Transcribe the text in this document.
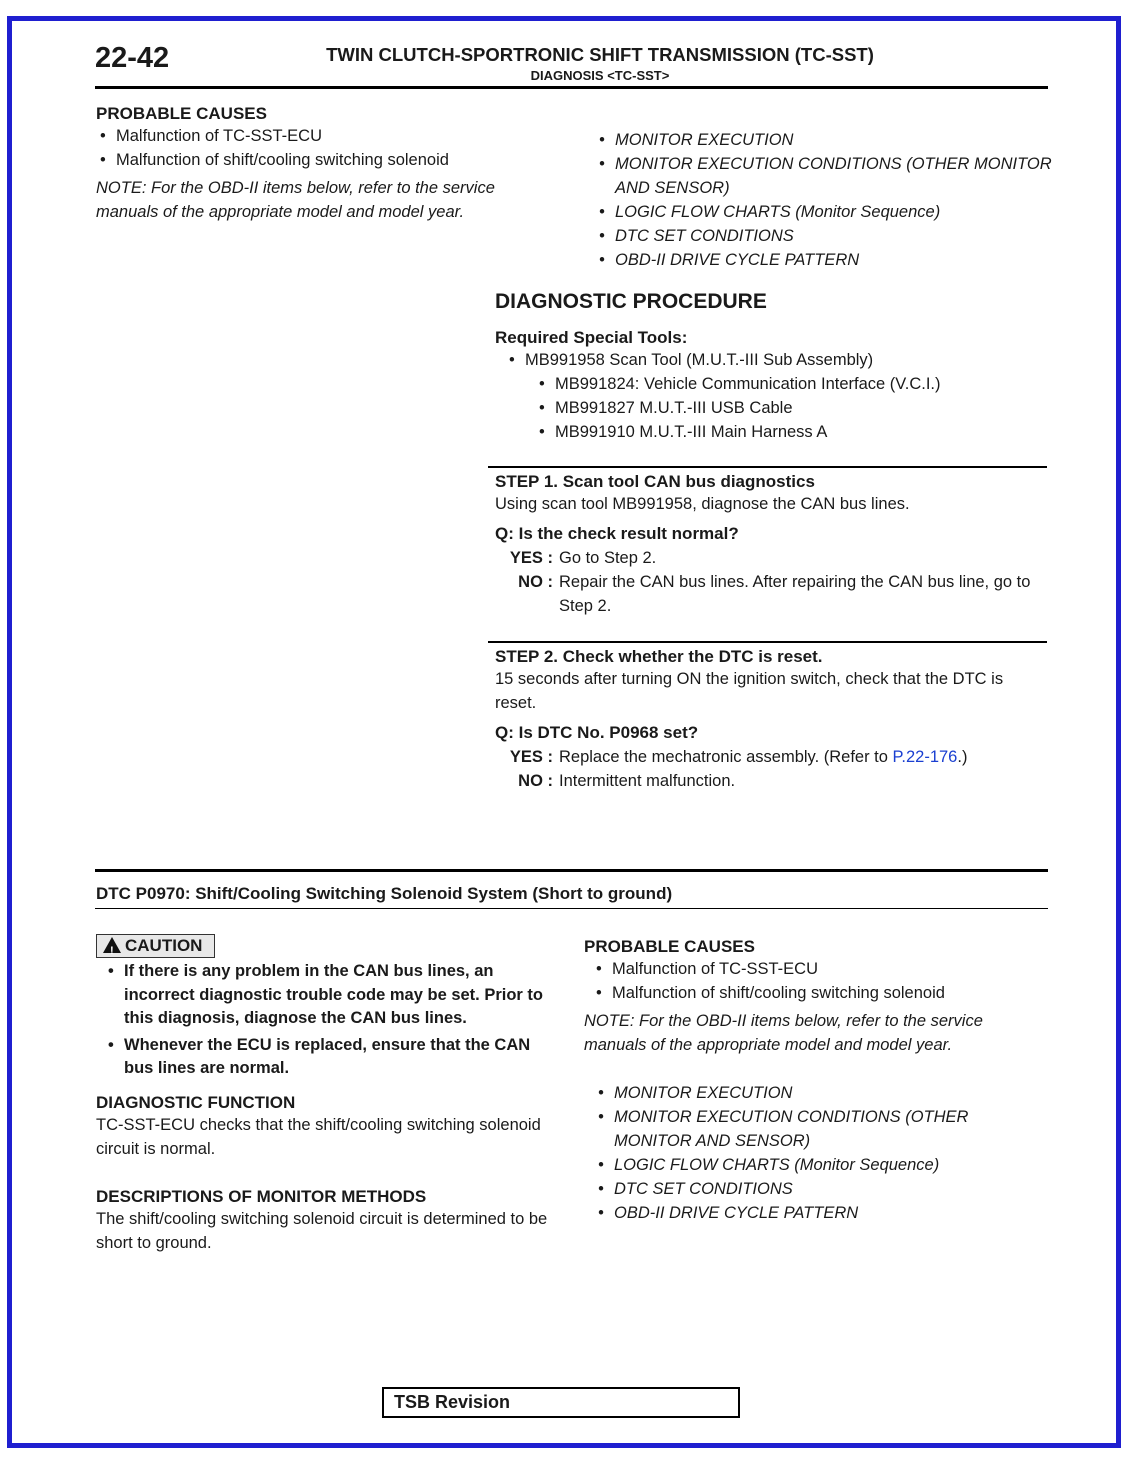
22-42	TWIN CLUTCH-SPORTRONIC SHIFT TRANSMISSION (TC-SST)
DIAGNOSIS <TC-SST>
PROBABLE CAUSES
• Malfunction of TC-SST-ECU
• Malfunction of shift/cooling switching solenoid
NOTE: For the OBD-II items below, refer to the service manuals of the appropriate model and model year.
• MONITOR EXECUTION
• MONITOR EXECUTION CONDITIONS (OTHER MONITOR AND SENSOR)
• LOGIC FLOW CHARTS (Monitor Sequence)
• DTC SET CONDITIONS
• OBD-II DRIVE CYCLE PATTERN
DIAGNOSTIC PROCEDURE
Required Special Tools:
• MB991958 Scan Tool (M.U.T.-III Sub Assembly)
• MB991824: Vehicle Communication Interface (V.C.I.)
• MB991827 M.U.T.-III USB Cable
• MB991910 M.U.T.-III Main Harness A
STEP 1. Scan tool CAN bus diagnostics
Using scan tool MB991958, diagnose the CAN bus lines.
Q: Is the check result normal?
YES : Go to Step 2.
NO : Repair the CAN bus lines. After repairing the CAN bus line, go to Step 2.
STEP 2. Check whether the DTC is reset.
15 seconds after turning ON the ignition switch, check that the DTC is reset.
Q: Is DTC No. P0968 set?
YES : Replace the mechatronic assembly. (Refer to P.22-176.)
NO : Intermittent malfunction.
DTC P0970: Shift/Cooling Switching Solenoid System (Short to ground)
!CAUTION
• If there is any problem in the CAN bus lines, an incorrect diagnostic trouble code may be set. Prior to this diagnosis, diagnose the CAN bus lines.
• Whenever the ECU is replaced, ensure that the CAN bus lines are normal.
DIAGNOSTIC FUNCTION
TC-SST-ECU checks that the shift/cooling switching solenoid circuit is normal.
DESCRIPTIONS OF MONITOR METHODS
The shift/cooling switching solenoid circuit is determined to be short to ground.
PROBABLE CAUSES
• Malfunction of TC-SST-ECU
• Malfunction of shift/cooling switching solenoid
NOTE: For the OBD-II items below, refer to the service manuals of the appropriate model and model year.
• MONITOR EXECUTION
• MONITOR EXECUTION CONDITIONS (OTHER MONITOR AND SENSOR)
• LOGIC FLOW CHARTS (Monitor Sequence)
• DTC SET CONDITIONS
• OBD-II DRIVE CYCLE PATTERN
TSB Revision
